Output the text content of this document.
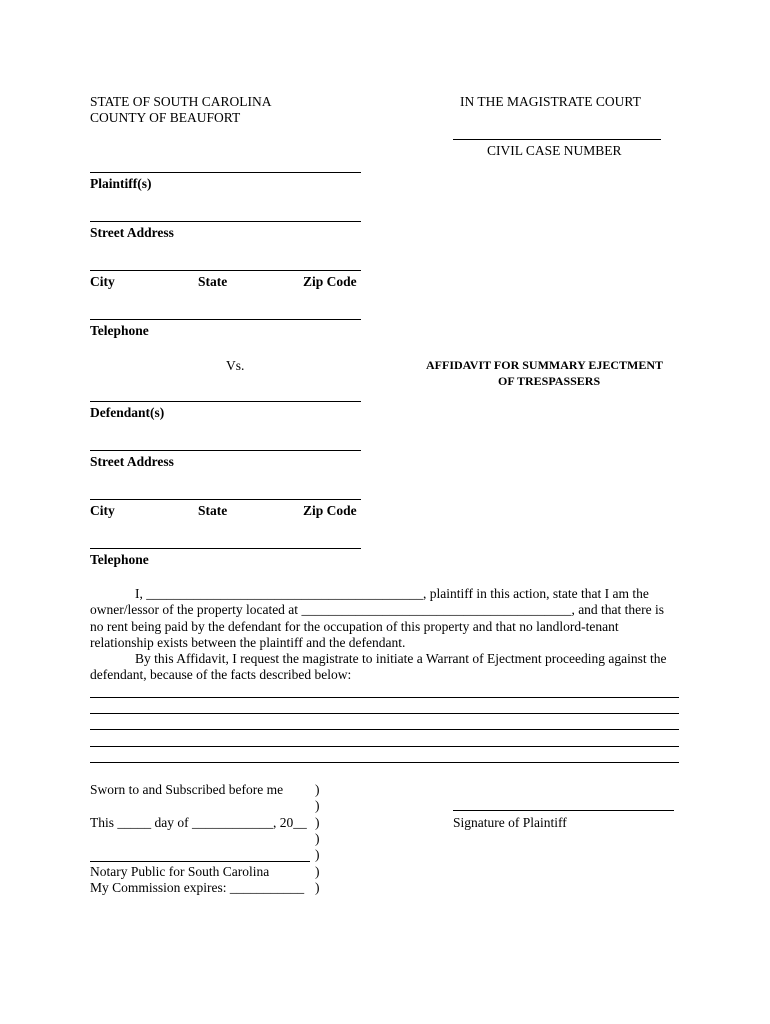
STATE OF SOUTH CAROLINA
COUNTY OF BEAUFORT
IN THE MAGISTRATE COURT
CIVIL CASE NUMBER
Plaintiff(s)
Street Address
City	State	Zip Code
Telephone
Vs.	AFFIDAVIT FOR SUMMARY EJECTMENT
OF TRESPASSERS
Defendant(s)
Street Address
City	State	Zip Code
Telephone

I, _________________________________________, plaintiff in this action, state that I am the owner/lessor of the property located at ________________________________________, and that there is no rent being paid by the defendant for the occupation of this property and that no landlord-tenant relationship exists between the plaintiff and the defendant.

By this Affidavit, I request the magistrate to initiate a Warrant of Ejectment proceeding against the defendant, because of the facts described below:

Sworn to and Subscribed before me
This _____ day of ____________, 20__
Notary Public for South Carolina
My Commission expires: ___________
)
)
)
)
)
)
)
Signature of Plaintiff
